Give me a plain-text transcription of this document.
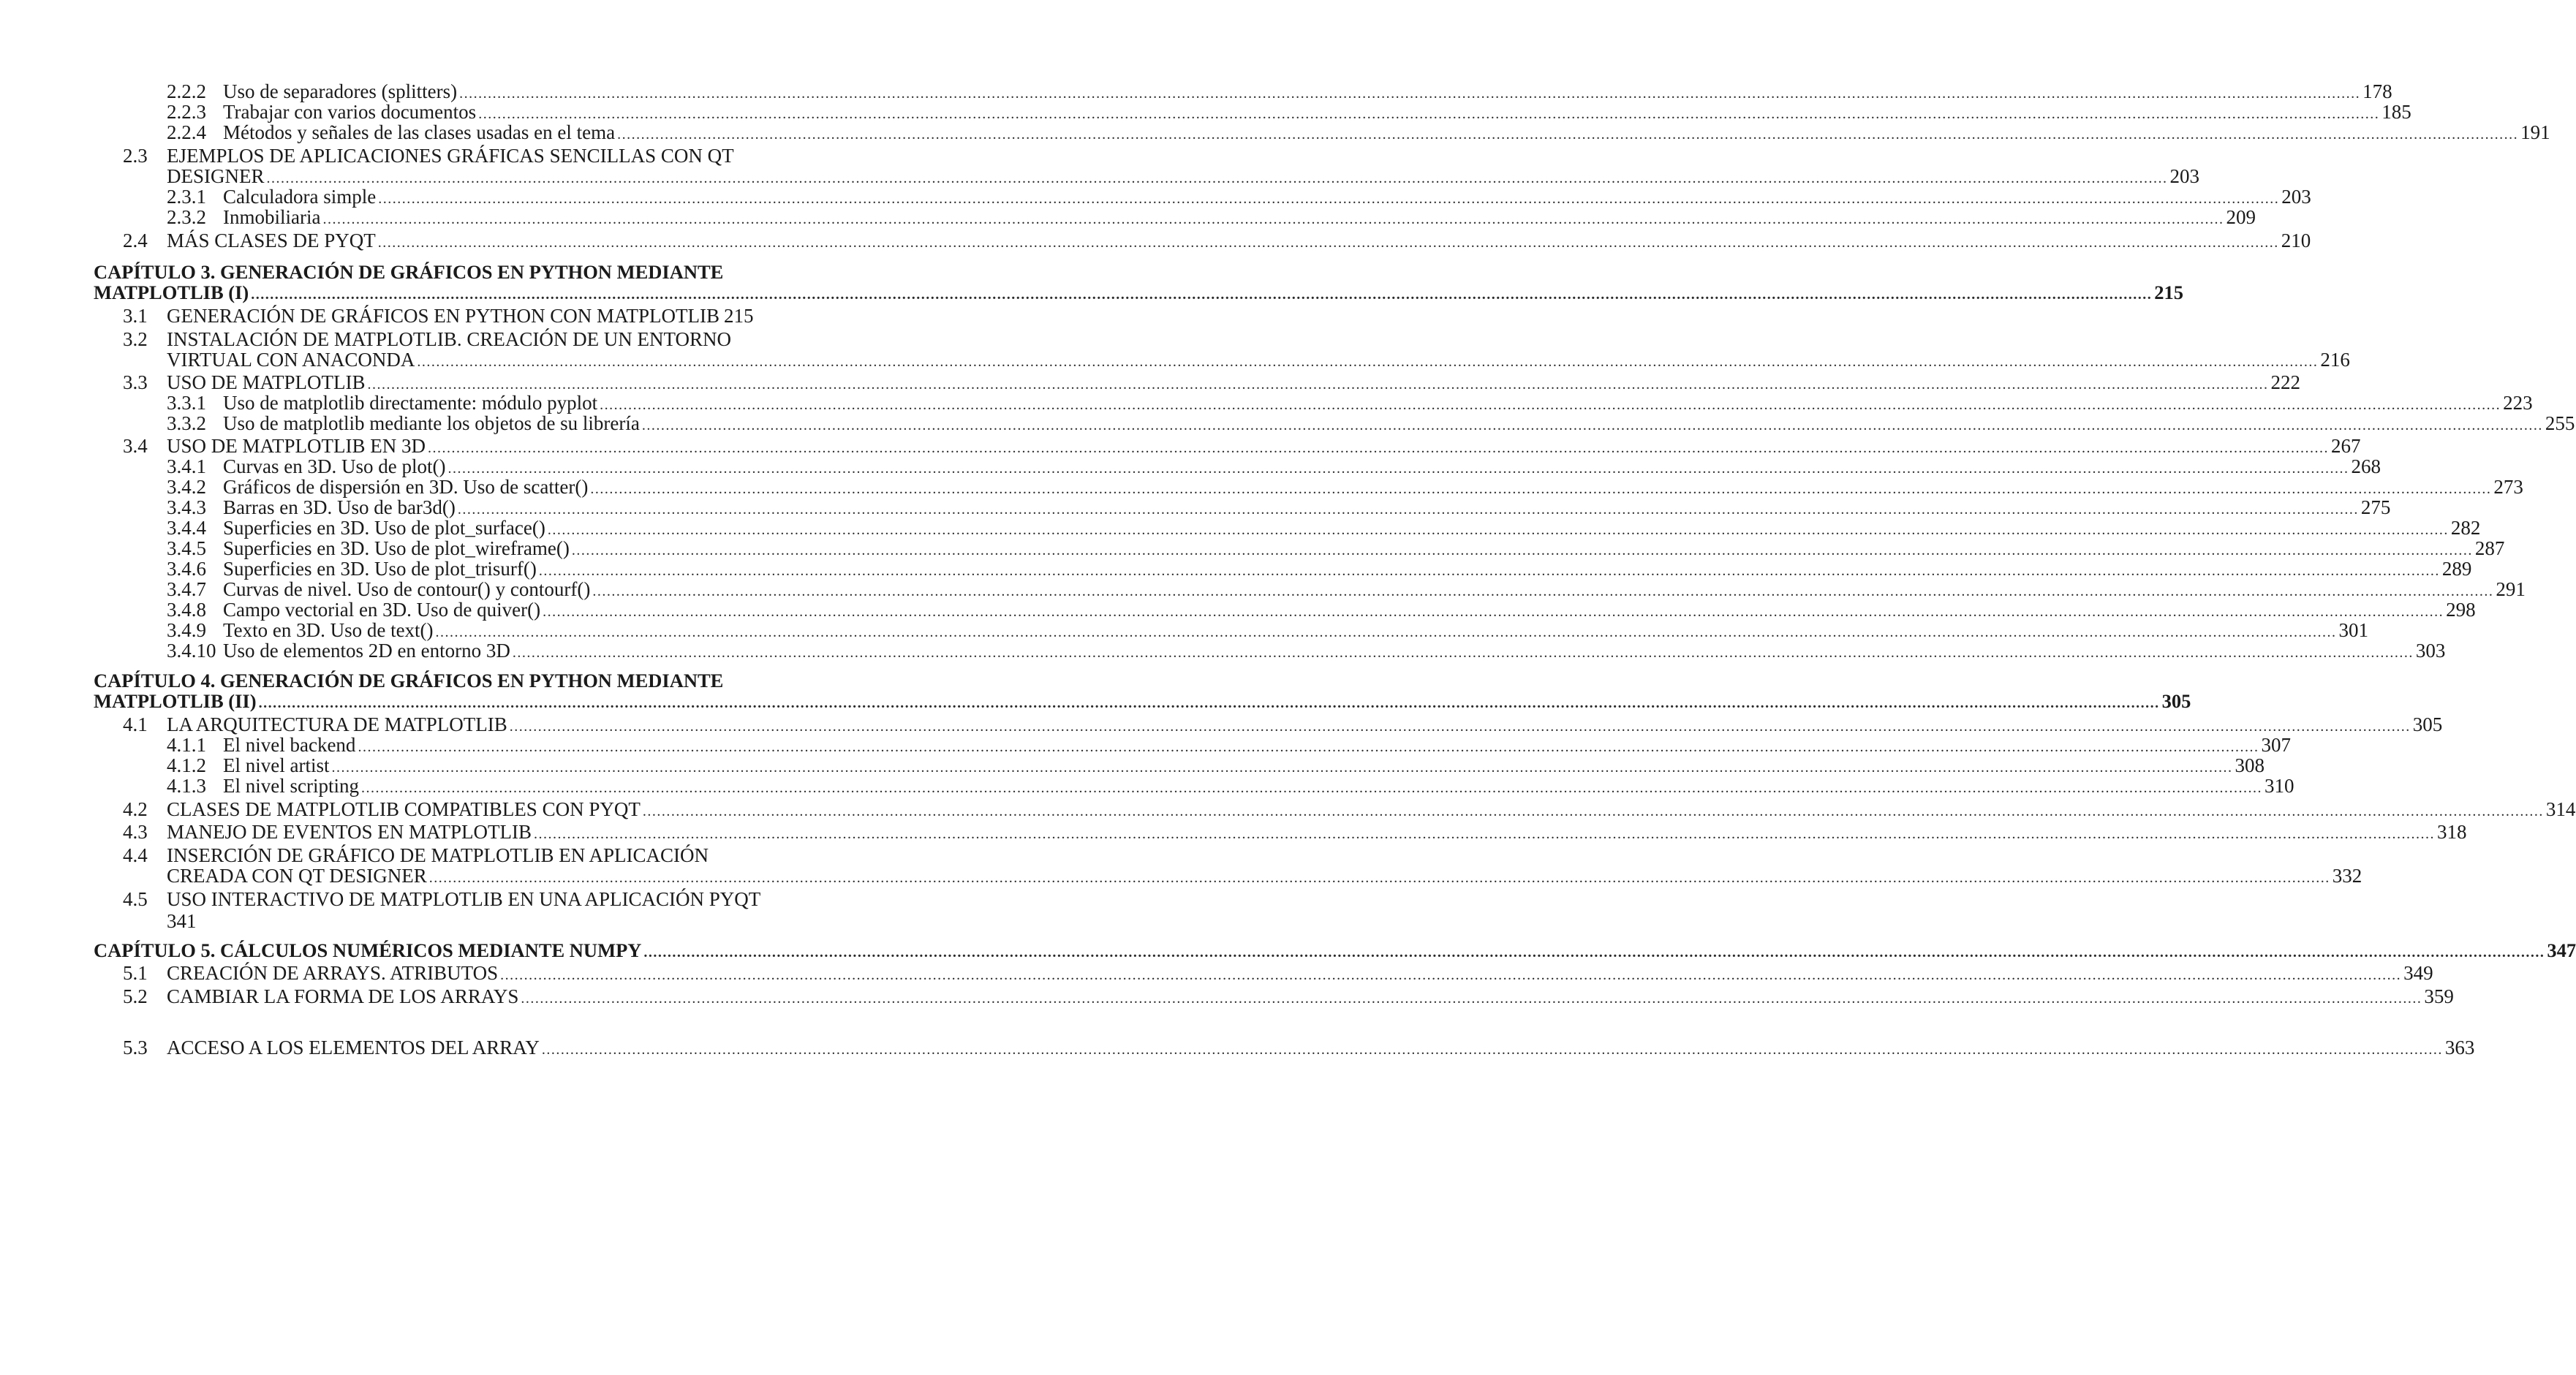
2.2.2 Uso de separadores (splitters) ................................................................................................................................................................................................................................................................................................................................................................................................................ 178
2.2.3 Trabajar con varios documentos ................................................................................................................................................................................................................................................................................................................................................................................................................ 185
2.2.4 Métodos y señales de las clases usadas en el tema ................................................................................................................................................................................................................................................................................................................................................................................................................ 191
2.3 EJEMPLOS DE APLICACIONES GRÁFICAS SENCILLAS CON QT
DESIGNER ................................................................................................................................................................................................................................................................................................................................................................................................................ 203
2.3.1 Calculadora simple ................................................................................................................................................................................................................................................................................................................................................................................................................ 203
2.3.2 Inmobiliaria ................................................................................................................................................................................................................................................................................................................................................................................................................ 209
2.4 MÁS CLASES DE PYQT ................................................................................................................................................................................................................................................................................................................................................................................................................ 210
CAPÍTULO 3. GENERACIÓN DE GRÁFICOS EN PYTHON MEDIANTE
MATPLOTLIB (I) ................................................................................................................................................................................................................................................................................................................................................................................................................ 215
3.1 GENERACIÓN DE GRÁFICOS EN PYTHON CON MATPLOTLIB 215
3.2 INSTALACIÓN DE MATPLOTLIB. CREACIÓN DE UN ENTORNO
VIRTUAL CON ANACONDA ................................................................................................................................................................................................................................................................................................................................................................................................................ 216
3.3 USO DE MATPLOTLIB ................................................................................................................................................................................................................................................................................................................................................................................................................ 222
3.3.1 Uso de matplotlib directamente: módulo pyplot ................................................................................................................................................................................................................................................................................................................................................................................................................ 223
3.3.2 Uso de matplotlib mediante los objetos de su librería ................................................................................................................................................................................................................................................................................................................................................................................................................ 255
3.4 USO DE MATPLOTLIB EN 3D ................................................................................................................................................................................................................................................................................................................................................................................................................ 267
3.4.1 Curvas en 3D. Uso de plot() ................................................................................................................................................................................................................................................................................................................................................................................................................ 268
3.4.2 Gráficos de dispersión en 3D. Uso de scatter() ................................................................................................................................................................................................................................................................................................................................................................................................................ 273
3.4.3 Barras en 3D. Uso de bar3d() ................................................................................................................................................................................................................................................................................................................................................................................................................ 275
3.4.4 Superficies en 3D. Uso de plot_surface() ................................................................................................................................................................................................................................................................................................................................................................................................................ 282
3.4.5 Superficies en 3D. Uso de plot_wireframe() ................................................................................................................................................................................................................................................................................................................................................................................................................ 287
3.4.6 Superficies en 3D. Uso de plot_trisurf() ................................................................................................................................................................................................................................................................................................................................................................................................................ 289
3.4.7 Curvas de nivel. Uso de contour() y contourf() ................................................................................................................................................................................................................................................................................................................................................................................................................ 291
3.4.8 Campo vectorial en 3D. Uso de quiver() ................................................................................................................................................................................................................................................................................................................................................................................................................ 298
3.4.9 Texto en 3D. Uso de text() ................................................................................................................................................................................................................................................................................................................................................................................................................ 301
3.4.10 Uso de elementos 2D en entorno 3D ................................................................................................................................................................................................................................................................................................................................................................................................................ 303
CAPÍTULO 4. GENERACIÓN DE GRÁFICOS EN PYTHON MEDIANTE
MATPLOTLIB (II) ................................................................................................................................................................................................................................................................................................................................................................................................................ 305
4.1 LA ARQUITECTURA DE MATPLOTLIB ................................................................................................................................................................................................................................................................................................................................................................................................................ 305
4.1.1 El nivel backend ................................................................................................................................................................................................................................................................................................................................................................................................................ 307
4.1.2 El nivel artist ................................................................................................................................................................................................................................................................................................................................................................................................................ 308
4.1.3 El nivel scripting ................................................................................................................................................................................................................................................................................................................................................................................................................ 310
4.2 CLASES DE MATPLOTLIB COMPATIBLES CON PYQT ................................................................................................................................................................................................................................................................................................................................................................................................................ 314
4.3 MANEJO DE EVENTOS EN MATPLOTLIB ................................................................................................................................................................................................................................................................................................................................................................................................................ 318
4.4 INSERCIÓN DE GRÁFICO DE MATPLOTLIB EN APLICACIÓN
CREADA CON QT DESIGNER ................................................................................................................................................................................................................................................................................................................................................................................................................ 332
4.5 USO INTERACTIVO DE MATPLOTLIB EN UNA APLICACIÓN PYQT
341
CAPÍTULO 5. CÁLCULOS NUMÉRICOS MEDIANTE NUMPY ................................................................................................................................................................................................................................................................................................................................................................................................................ 347
5.1 CREACIÓN DE ARRAYS. ATRIBUTOS ................................................................................................................................................................................................................................................................................................................................................................................................................ 349
5.2 CAMBIAR LA FORMA DE LOS ARRAYS ................................................................................................................................................................................................................................................................................................................................................................................................................ 359
5.3 ACCESO A LOS ELEMENTOS DEL ARRAY ................................................................................................................................................................................................................................................................................................................................................................................................................ 363
